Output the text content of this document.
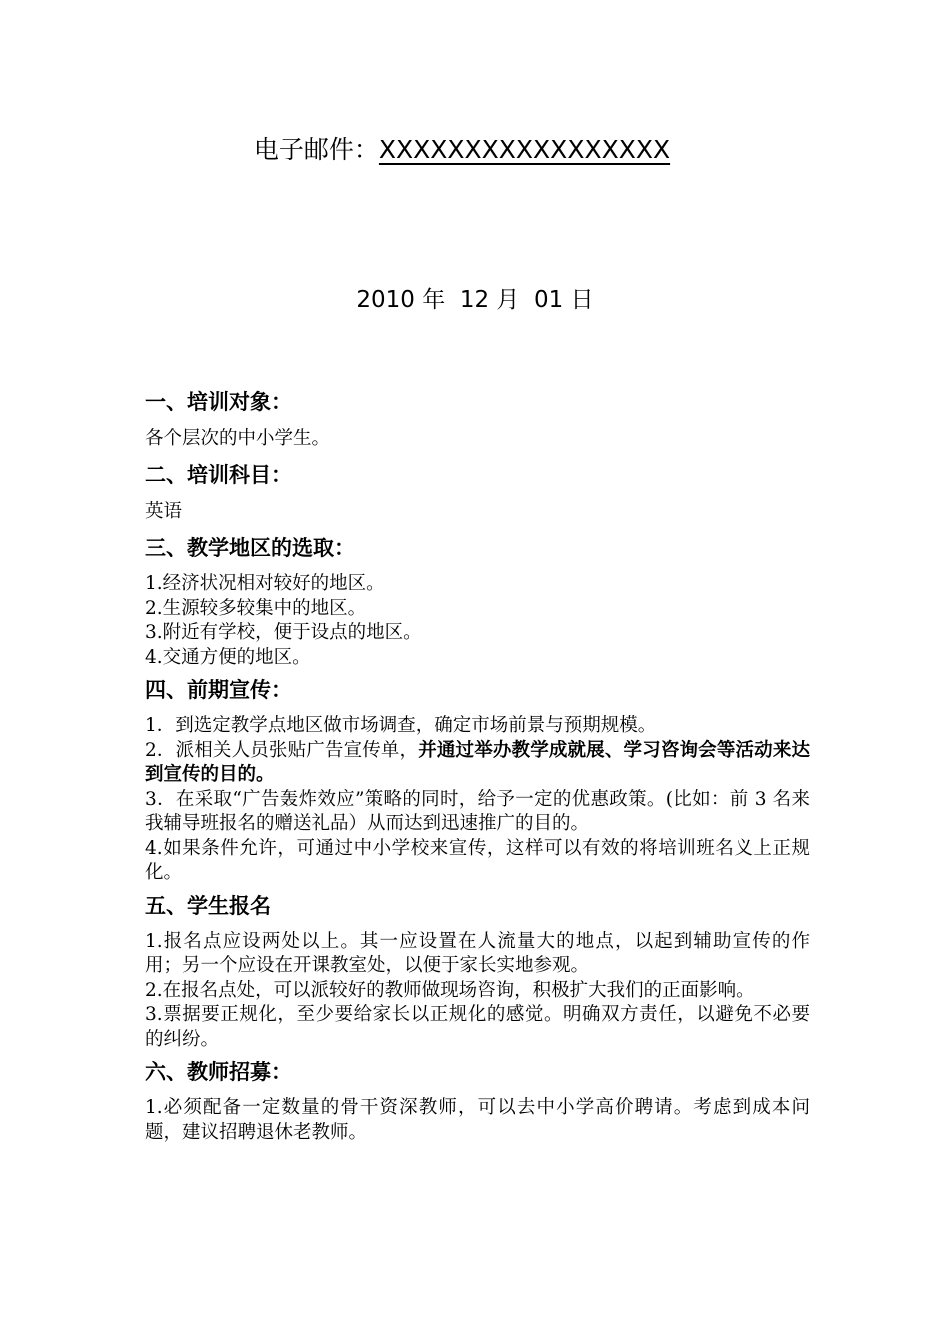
电子邮件：XXXXXXXXXXXXXXXXX
2010 年  12 月  01 日

一、培训对象：

各个层次的中小学生。

二、培训科目：

英语

三、教学地区的选取：

1.经济状况相对较好的地区。

2.生源较多较集中的地区。

3.附近有学校，便于设点的地区。

4.交通方便的地区。

四、前期宣传：

1．到选定教学点地区做市场调查，确定市场前景与预期规模。

2．派相关人员张贴广告宣传单，并通过举办教学成就展、学习咨询会等活动来达到宣传的目的。

3．在采取“广告轰炸效应”策略的同时，给予一定的优惠政策。(比如：前 3 名来我辅导班报名的赠送礼品）从而达到迅速推广的目的。

4.如果条件允许，可通过中小学校来宣传，这样可以有效的将培训班名义上正规化。

五、学生报名

1.报名点应设两处以上。其一应设置在人流量大的地点，以起到辅助宣传的作用；另一个应设在开课教室处，以便于家长实地参观。

2.在报名点处，可以派较好的教师做现场咨询，积极扩大我们的正面影响。

3.票据要正规化，至少要给家长以正规化的感觉。明确双方责任，以避免不必要的纠纷。

六、教师招募：

1.必须配备一定数量的骨干资深教师，可以去中小学高价聘请。考虑到成本问题，建议招聘退休老教师。
